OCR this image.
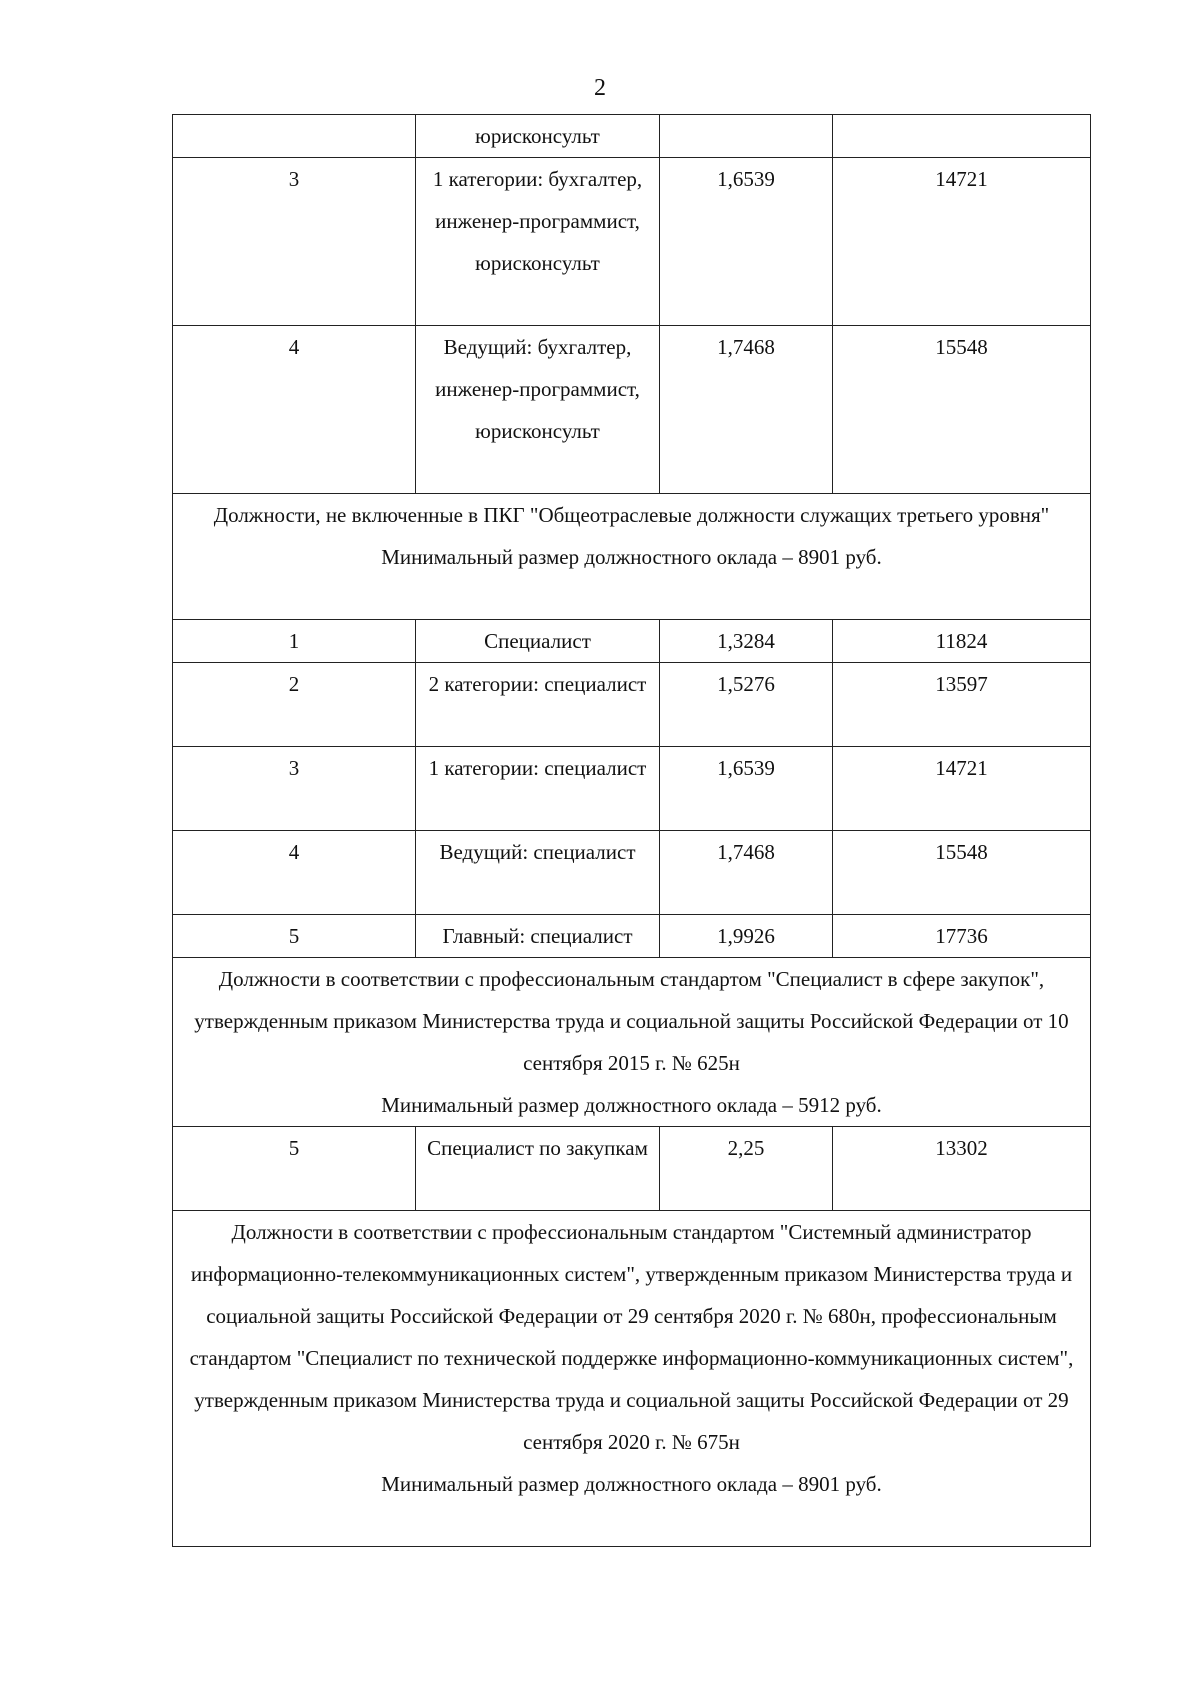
2
	юрисконсульт		
3	1 категории: бухгалтер, инженер-программист, юрисконсульт	1,6539	14721
4	Ведущий: бухгалтер, инженер-программист, юрисконсульт	1,7468	15548

Должности, не включенные в ПКГ "Общеотраслевые должности служащих третьего уровня"
Минимальный размер должностного оклада – 8901 руб.			

1	Специалист	1,3284	11824
2	2 категории: специалист	1,5276	13597
3	1 категории: специалист	1,6539	14721
4	Ведущий: специалист	1,7468	15548
5	Главный: специалист	1,9926	17736

Должности в соответствии с профессиональным стандартом "Специалист в сфере закупок", утвержденным приказом Министерства труда и социальной защиты Российской Федерации от 10 сентября 2015 г. № 625н
Минимальный размер должностного оклада – 5912 руб.			

5	Специалист по закупкам	2,25	13302

Должности в соответствии с профессиональным стандартом "Системный администратор информационно-телекоммуникационных систем", утвержденным приказом Министерства труда и социальной защиты Российской Федерации от 29 сентября 2020 г. № 680н, профессиональным стандартом "Специалист по технической поддержке информационно-коммуникационных систем", утвержденным приказом Министерства труда и социальной защиты Российской Федерации от 29 сентября 2020 г. № 675н
Минимальный размер должностного оклада – 8901 руб.			
